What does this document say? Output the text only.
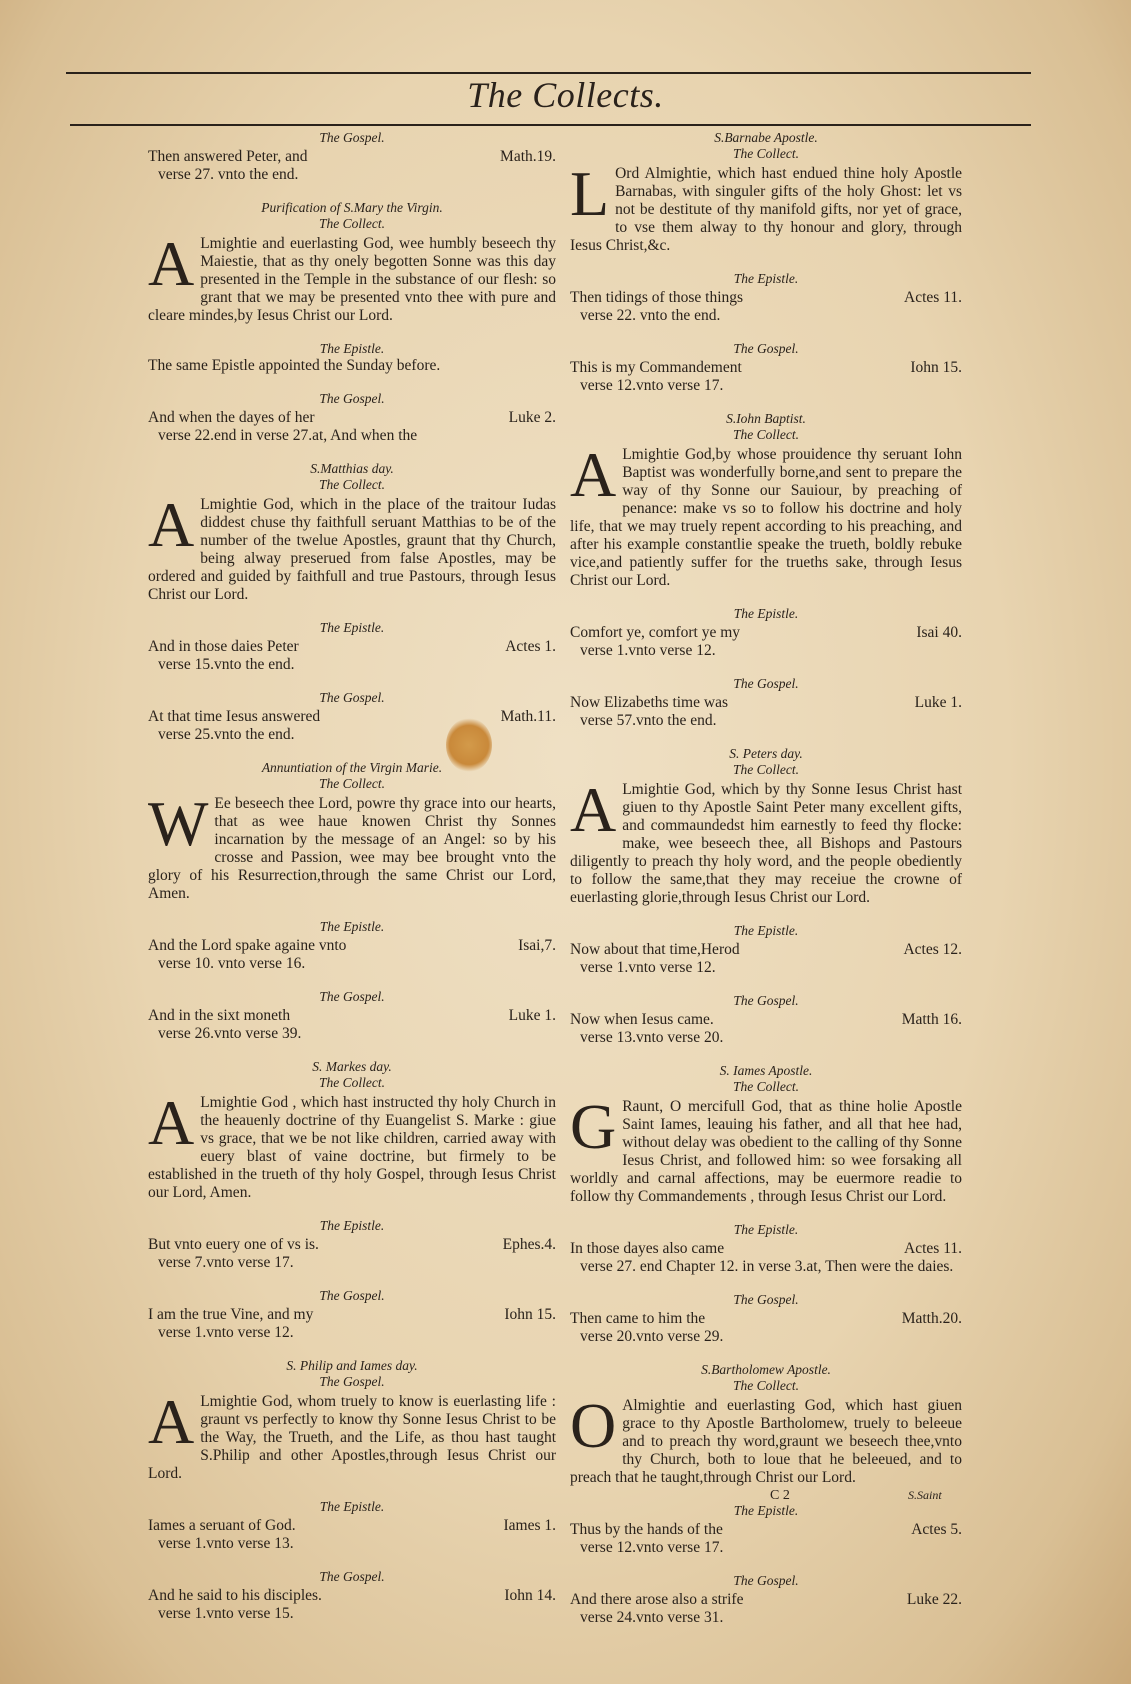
The Collects.
The Gospel.
Then answered Peter, and	Math.19.
verse 27. vnto the end.
Purification of S.Mary the Virgin.
The Collect.
A Lmightie and euerlasting God, wee humbly beseech thy Maiestie, that as thy onely begotten Sonne was this day presented in the Temple in the substance of our flesh: so grant that we may be presented vnto thee with pure and cleare mindes,by Iesus Christ our Lord.
The Epistle.
The same Epistle appointed the Sunday before.
The Gospel.
And when the dayes of her	Luke 2.
verse 22.end in verse 27.at, And when the
S.Matthias day.
The Collect.
A Lmightie God, which in the place of the traitour Iudas diddest chuse thy faithfull seruant Matthias to be of the number of the twelue Apostles, graunt that thy Church, being alway preserued from false Apostles, may be ordered and guided by faithfull and true Pastours, through Iesus Christ our Lord.
The Epistle.
And in those daies Peter	Actes 1.
verse 15.vnto the end.
The Gospel.
At that time Iesus answered	Math.11.
verse 25.vnto the end.
Annuntiation of the Virgin Marie.
The Collect.
W Ee beseech thee Lord, powre thy grace into our hearts, that as wee haue knowen Christ thy Sonnes incarnation by the message of an Angel: so by his crosse and Passion, wee may bee brought vnto the glory of his Resurrection,through the same Christ our Lord, Amen.
The Epistle.
And the Lord spake againe vnto	Isai,7.
verse 10. vnto verse 16.
The Gospel.
And in the sixt moneth	Luke 1.
verse 26.vnto verse 39.
S. Markes day.
The Collect.
A Lmightie God , which hast instructed thy holy Church in the heauenly doctrine of thy Euangelist S. Marke : giue vs grace, that we be not like children, carried away with euery blast of vaine doctrine, but firmely to be established in the trueth of thy holy Gospel, through Iesus Christ our Lord, Amen.
The Epistle.
But vnto euery one of vs is.	Ephes.4.
verse 7.vnto verse 17.
The Gospel.
I am the true Vine, and my	Iohn 15.
verse 1.vnto verse 12.
S. Philip and Iames day.
The Gospel.
A Lmightie God, whom truely to know is euerlasting life : graunt vs perfectly to know thy Sonne Iesus Christ to be the Way, the Trueth, and the Life, as thou hast taught S.Philip and other Apostles,through Iesus Christ our Lord.
The Epistle.
Iames a seruant of God.	Iames 1.
verse 1.vnto verse 13.
The Gospel.
And he said to his disciples.	Iohn 14.
verse 1.vnto verse 15.
S.Barnabe Apostle.
The Collect.
L Ord Almightie, which hast endued thine holy Apostle Barnabas, with singuler gifts of the holy Ghost: let vs not be destitute of thy manifold gifts, nor yet of grace, to vse them alway to thy honour and glory, through Iesus Christ,&c.
The Epistle.
Then tidings of those things	Actes 11.
verse 22. vnto the end.
The Gospel.
This is my Commandement	Iohn 15.
verse 12.vnto verse 17.
S.Iohn Baptist.
The Collect.
A Lmightie God,by whose prouidence thy seruant Iohn Baptist was wonderfully borne,and sent to prepare the way of thy Sonne our Sauiour, by preaching of penance: make vs so to follow his doctrine and holy life, that we may truely repent according to his preaching, and after his example constantlie speake the trueth, boldly rebuke vice,and patiently suffer for the trueths sake, through Iesus Christ our Lord.
The Epistle.
Comfort ye, comfort ye my	Isai 40.
verse 1.vnto verse 12.
The Gospel.
Now Elizabeths time was	Luke 1.
verse 57.vnto the end.
S. Peters day.
The Collect.
A Lmightie God, which by thy Sonne Iesus Christ hast giuen to thy Apostle Saint Peter many excellent gifts, and commaundedst him earnestly to feed thy flocke: make, wee beseech thee, all Bishops and Pastours diligently to preach thy holy word, and the people obediently to follow the same,that they may receiue the crowne of euerlasting glorie,through Iesus Christ our Lord.
The Epistle.
Now about that time,Herod	Actes 12.
verse 1.vnto verse 12.
The Gospel.
Now when Iesus came.	Matth 16.
verse 13.vnto verse 20.
S. Iames Apostle.
The Collect.
G Raunt, O mercifull God, that as thine holie Apostle Saint Iames, leauing his father, and all that hee had, without delay was obedient to the calling of thy Sonne Iesus Christ, and followed him: so wee forsaking all worldly and carnal affections, may be euermore readie to follow thy Commandements , through Iesus Christ our Lord.
The Epistle.
In those dayes also came	Actes 11.
verse 27. end Chapter 12. in verse 3.at, Then were the daies.
The Gospel.
Then came to him the	Matth.20.
verse 20.vnto verse 29.
S.Bartholomew Apostle.
The Collect.
O Almightie and euerlasting God, which hast giuen grace to thy Apostle Bartholomew, truely to beleeue and to preach thy word,graunt we beseech thee,vnto thy Church, both to loue that he beleeued, and to preach that he taught,through Christ our Lord.
The Epistle.
Thus by the hands of the	Actes 5.
verse 12.vnto verse 17.
The Gospel.
And there arose also a strife	Luke 22.
verse 24.vnto verse 31.
C 2	S.Saint
